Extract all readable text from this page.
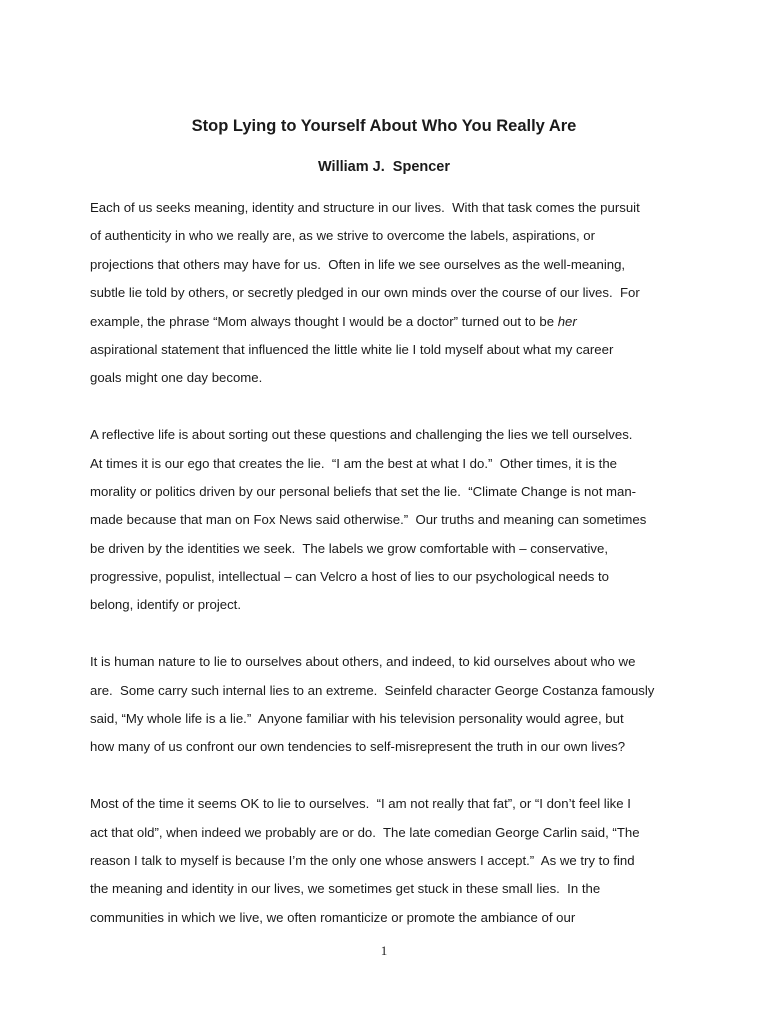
Stop Lying to Yourself About Who You Really Are
William J.  Spencer
Each of us seeks meaning, identity and structure in our lives.  With that task comes the pursuit
of authenticity in who we really are, as we strive to overcome the labels, aspirations, or
projections that others may have for us.  Often in life we see ourselves as the well-meaning,
subtle lie told by others, or secretly pledged in our own minds over the course of our lives.  For
example, the phrase “Mom always thought I would be a doctor” turned out to be her
aspirational statement that influenced the little white lie I told myself about what my career
goals might one day become.
A reflective life is about sorting out these questions and challenging the lies we tell ourselves.
At times it is our ego that creates the lie.  “I am the best at what I do.”  Other times, it is the
morality or politics driven by our personal beliefs that set the lie.  “Climate Change is not man-
made because that man on Fox News said otherwise.”  Our truths and meaning can sometimes
be driven by the identities we seek.  The labels we grow comfortable with – conservative,
progressive, populist, intellectual – can Velcro a host of lies to our psychological needs to
belong, identify or project.
It is human nature to lie to ourselves about others, and indeed, to kid ourselves about who we
are.  Some carry such internal lies to an extreme.  Seinfeld character George Costanza famously
said, “My whole life is a lie.”  Anyone familiar with his television personality would agree, but
how many of us confront our own tendencies to self-misrepresent the truth in our own lives?
Most of the time it seems OK to lie to ourselves.  “I am not really that fat”, or “I don’t feel like I
act that old”, when indeed we probably are or do.  The late comedian George Carlin said, “The
reason I talk to myself is because I’m the only one whose answers I accept.”  As we try to find
the meaning and identity in our lives, we sometimes get stuck in these small lies.  In the
communities in which we live, we often romanticize or promote the ambiance of our
1
